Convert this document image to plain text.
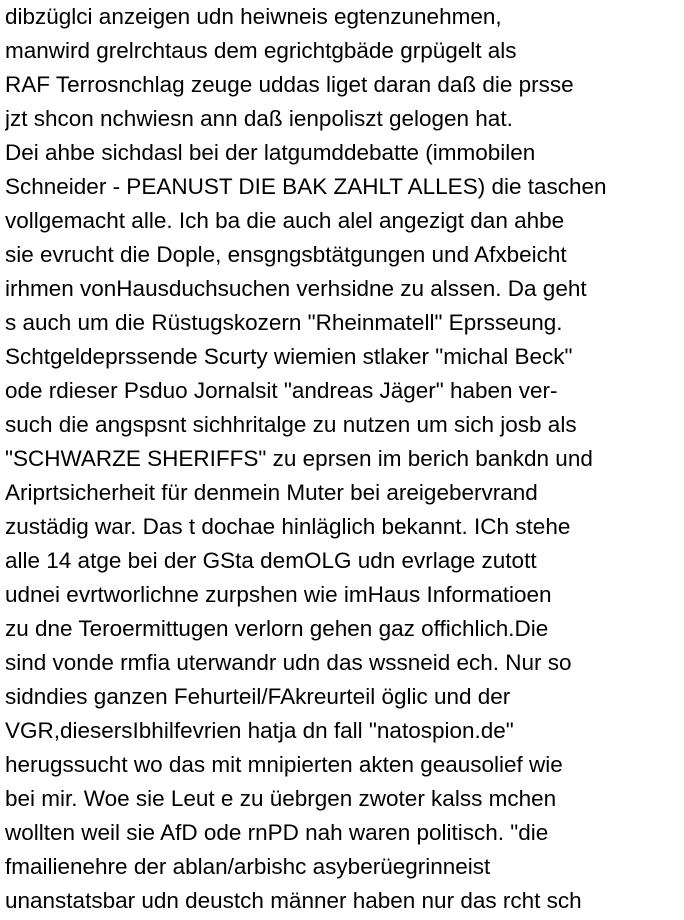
dibzüglci anzeigen udn heiwneis egtenzunehmen,
manwird grelrchtaus dem egrichtgbäde grpügelt als
RAF Terrosnchlag zeuge uddas liget daran daß die prsse
jzt shcon nchwiesn ann daß ienpoliszt gelogen hat.
Dei ahbe sichdasl bei der latgumddebatte (immobilen
Schneider - PEANUST DIE BAK ZAHLT ALLES) die taschen
vollgemacht alle. Ich ba die auch alel angezigt dan ahbe
sie evrucht die Dople, ensgngsbtätgungen und Afxbeicht
irhmen vonHausduchsuchen verhsidne zu alssen. Da geht
s auch um die Rüstugskozern "Rheinmatell" Eprsseung.
Schtgeldeprssende Scurty wiemien stlaker "michal Beck"
ode rdieser Psduo Jornalsit "andreas Jäger" haben ver-
such die angspsnt sichhritalge zu nutzen um sich josb als
"SCHWARZE SHERIFFS" zu eprsen im berich bankdn und
Ariprtsicherheit für denmein Muter bei areigebervrand
zustädig war. Das t dochae hinläglich bekannt. ICh stehe
alle 14 atge bei der GSta demOLG udn evrlage zutott
udnei evrtworlichne zurpshen wie imHaus Informatioen
zu dne Teroermittugen verlorn gehen gaz offichlich.Die
sind vonde rmfia uterwandr udn das wssneid ech. Nur so
sidndies ganzen Fehurteil/FAkreurteil öglic und der
VGR,diesersIbhilfevrien hatja dn fall "natospion.de"
herugssucht wo das mit mnipierten akten geausolief wie
bei mir. Woe sie Leut e zu üebrgen zwoter kalss mchen
wollten weil sie AfD ode rnPD nah waren politisch. "die
fmailienehre der ablan/arbishc asyberüegrinneist
unanstatsbar udn deustch männer haben nur das rcht sch
